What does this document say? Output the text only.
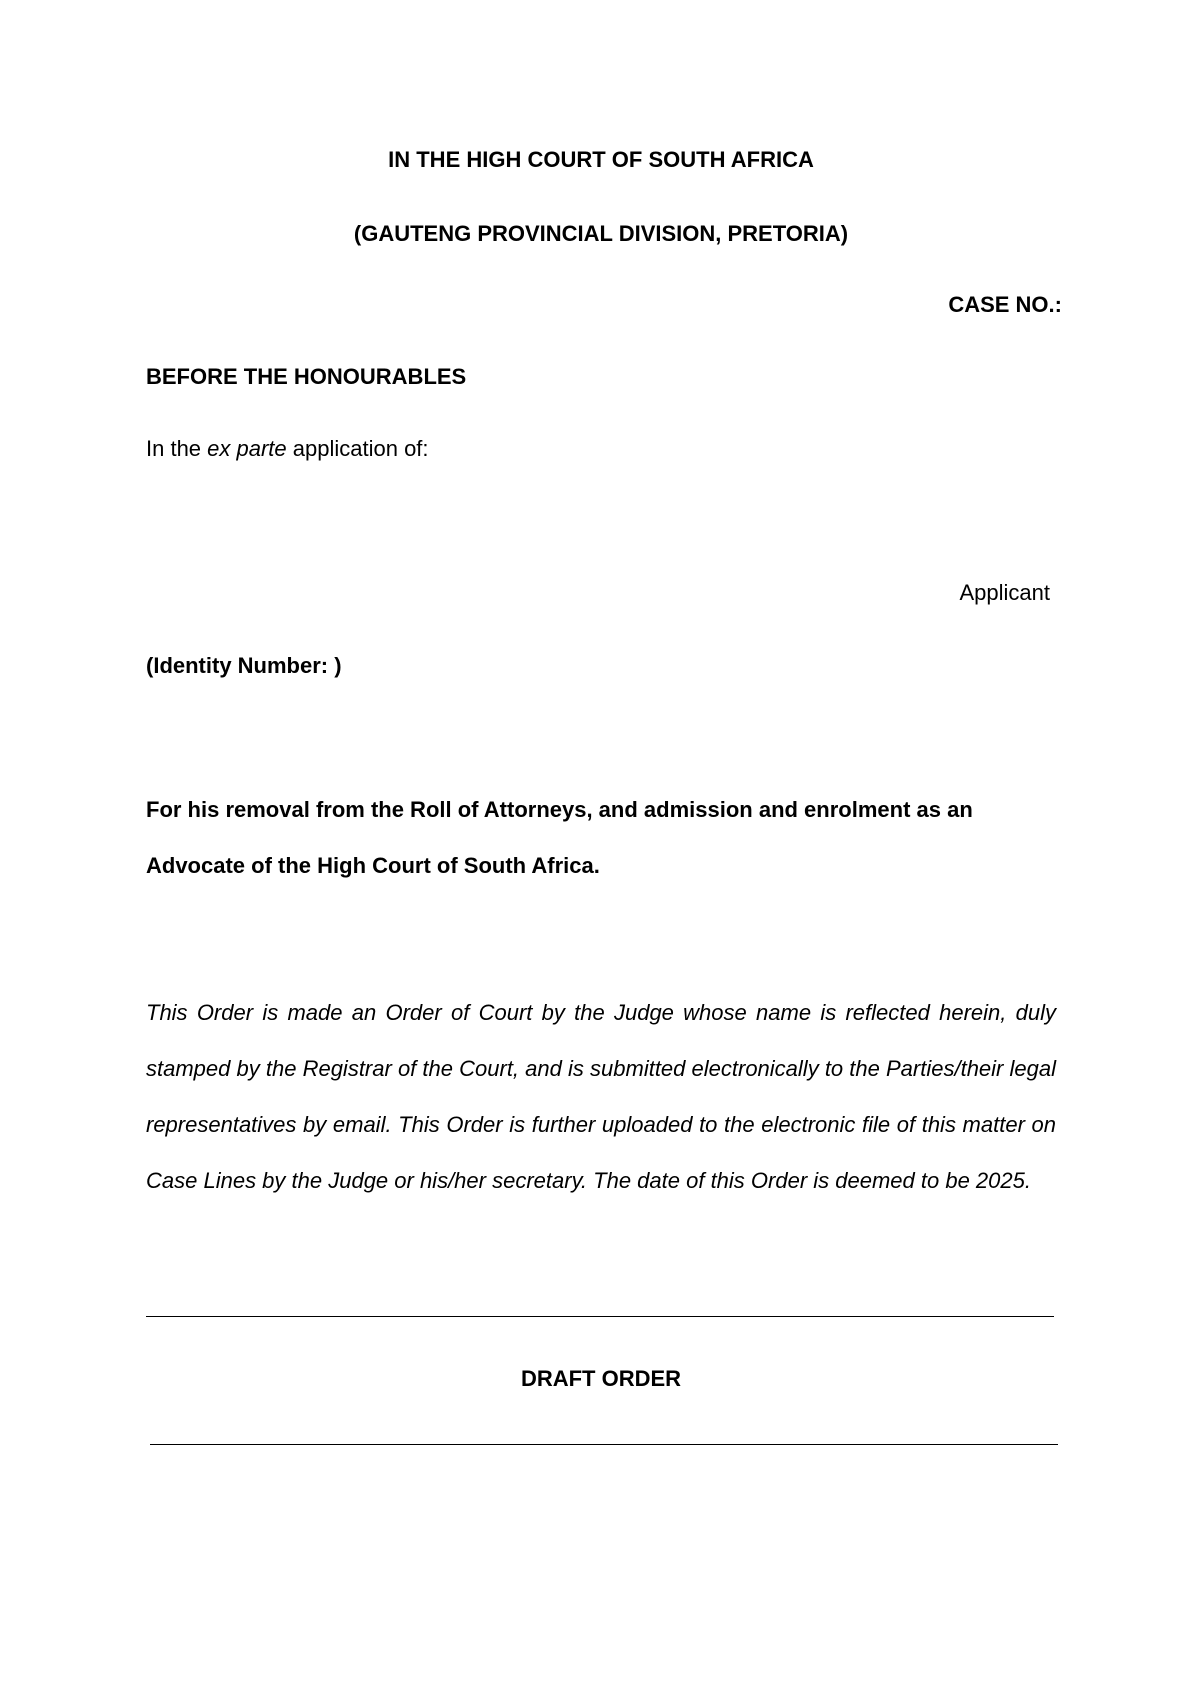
IN THE HIGH COURT OF SOUTH AFRICA
(GAUTENG PROVINCIAL DIVISION, PRETORIA)
CASE NO.:
BEFORE THE HONOURABLES
In the ex parte application of:
Applicant
(Identity Number: )
For his removal from the Roll of Attorneys, and admission and enrolment as an
Advocate of the High Court of South Africa.
This Order is made an Order of Court by the Judge whose name is reflected herein, duly stamped by the Registrar of the Court, and is submitted electronically to the Parties/their legal representatives by email. This Order is further uploaded to the electronic file of this matter on Case Lines by the Judge or his/her secretary. The date of this Order is deemed to be 2025.
DRAFT ORDER
